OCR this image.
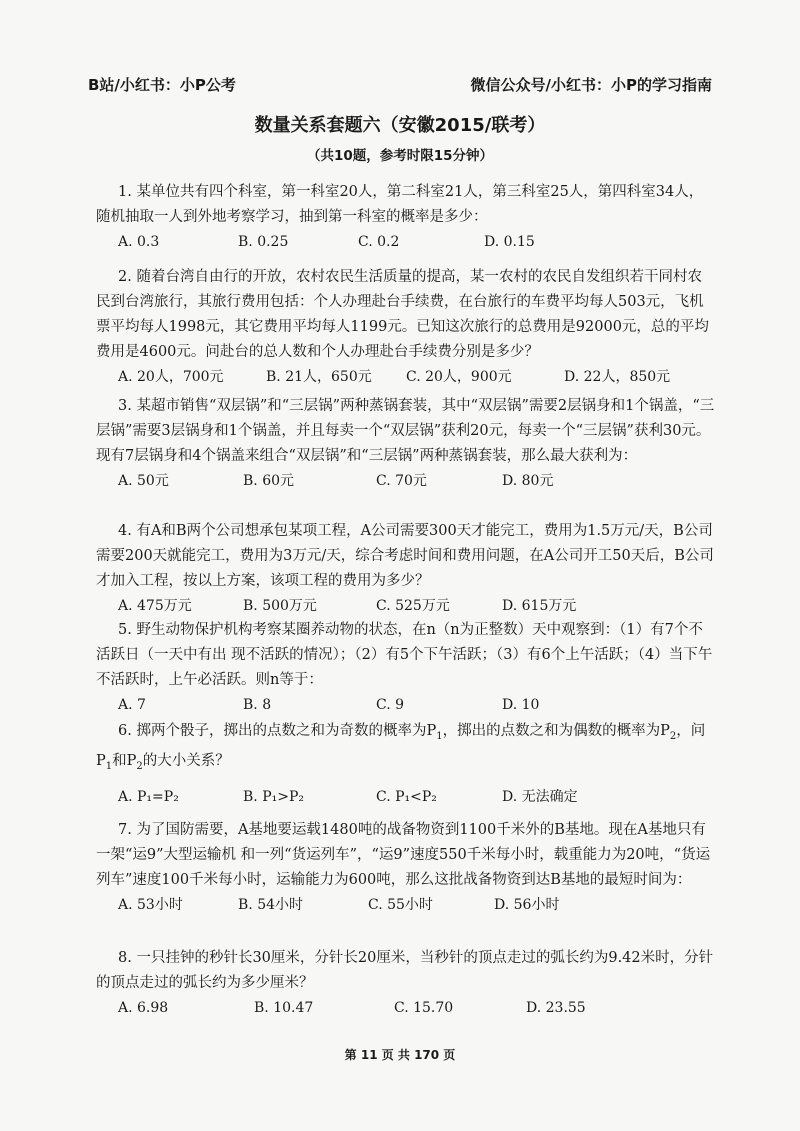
B站/小红书：小P公考	微信公众号/小红书：小P的学习指南
数量关系套题六（安徽2015/联考）
（共10题，参考时限15分钟）

1. 某单位共有四个科室，第一科室20人，第二科室21人，第三科室25人，第四科室34人，随机抽取一人到外地考察学习，抽到第一科室的概率是多少：

A. 0.3	B. 0.25	C. 0.2	D. 0.15

2. 随着台湾自由行的开放，农村农民生活质量的提高，某一农村的农民自发组织若干同村农民到台湾旅行，其旅行费用包括：个人办理赴台手续费，在台旅行的车费平均每人503元，飞机票平均每人1998元，其它费用平均每人1199元。已知这次旅行的总费用是92000元，总的平均费用是4600元。问赴台的总人数和个人办理赴台手续费分别是多少？

A. 20人，700元	B. 21人，650元 C. 20人，900元	D. 22人，850元

3. 某超市销售“双层锅”和“三层锅”两种蒸锅套装，其中“双层锅”需要2层锅身和1个锅盖，“三层锅”需要3层锅身和1个锅盖，并且每卖一个“双层锅”获利20元，每卖一个“三层锅”获利30元。现有7层锅身和4个锅盖来组合“双层锅”和“三层锅”两种蒸锅套装，那么最大获利为：

A. 50元	B. 60元	C. 70元	D. 80元

4. 有A和B两个公司想承包某项工程，A公司需要300天才能完工，费用为1.5万元/天，B公司需要200天就能完工，费用为3万元/天，综合考虑时间和费用问题，在A公司开工50天后，B公司才加入工程，按以上方案，该项工程的费用为多少？

A. 475万元	B. 500万元	C. 525万元	D. 615万元

5. 野生动物保护机构考察某圈养动物的状态，在n（n为正整数）天中观察到：（1）有7个不活跃日（一天中有出 现不活跃的情况）；（2）有5个下午活跃；（3）有6个上午活跃；（4）当下午不活跃时，上午必活跃。则n等于：

A. 7	B. 8	C. 9	D. 10

6. 掷两个骰子，掷出的点数之和为奇数的概率为$P_1$，掷出的点数之和为偶数的概率为$P_2$，问$P_1$和$P_2$的大小关系？

A. P₁=P₂	B. P₁>P₂	C. P₁<P₂	D. 无法确定

7. 为了国防需要，A基地要运载1480吨的战备物资到1100千米外的B基地。现在A基地只有一架“运9”大型运输机 和一列“货运列车”，“运9”速度550千米每小时，载重能力为20吨，“货运列车”速度100千米每小时，运输能力为600吨，那么这批战备物资到达B基地的最短时间为：

A. 53小时	B. 54小时	C. 55小时	D. 56小时

8. 一只挂钟的秒针长30厘米，分针长20厘米，当秒针的顶点走过的弧长约为9.42米时，分针的顶点走过的弧长约为多少厘米？

A. 6.98	B. 10.47	C. 15.70	D. 23.55
第 11 页 共 170 页
